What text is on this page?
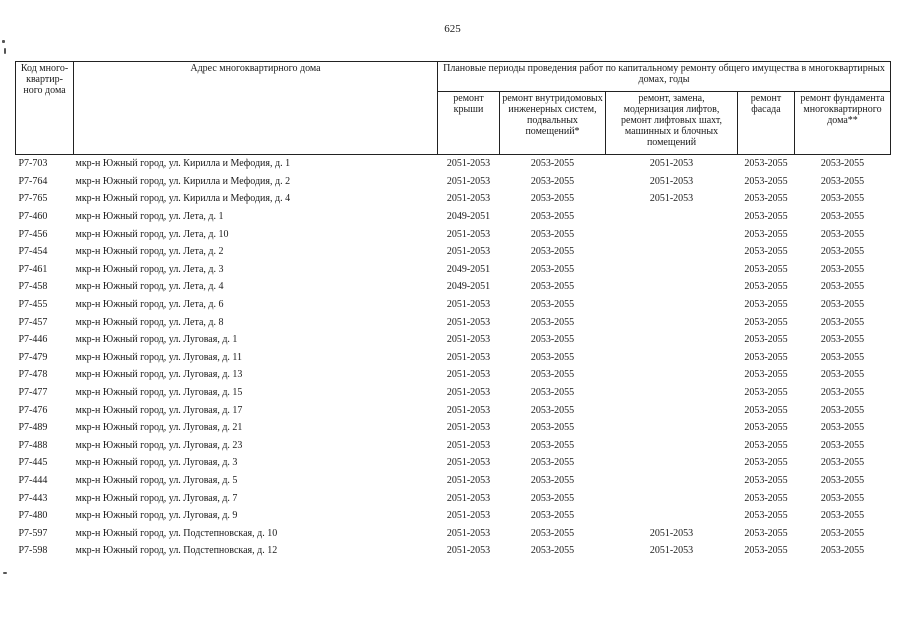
625
Код много-квартир-ного дома	Адрес многоквартирного дома	Плановые периоды проведения работ по капитальному ремонту общего имущества в многоквартирных домах, годы				
		ремонт крыши	ремонт внутридомовых инженерных систем, подвальных помещений*	ремонт, замена, модернизация лифтов, ремонт лифтовых шахт, машинных и блочных помещений	ремонт фасада	ремонт фундамента многоквартирного дома**
Р7-703	мкр-н Южный город, ул. Кирилла и Мефодия, д. 1	2051-2053	2053-2055	2051-2053	2053-2055	2053-2055
Р7-764	мкр-н Южный город, ул. Кирилла и Мефодия, д. 2	2051-2053	2053-2055	2051-2053	2053-2055	2053-2055
Р7-765	мкр-н Южный город, ул. Кирилла и Мефодия, д. 4	2051-2053	2053-2055	2051-2053	2053-2055	2053-2055
Р7-460	мкр-н Южный город, ул. Лета, д. 1	2049-2051	2053-2055		2053-2055	2053-2055
Р7-456	мкр-н Южный город, ул. Лета, д. 10	2051-2053	2053-2055		2053-2055	2053-2055
Р7-454	мкр-н Южный город, ул. Лета, д. 2	2051-2053	2053-2055		2053-2055	2053-2055
Р7-461	мкр-н Южный город, ул. Лета, д. 3	2049-2051	2053-2055		2053-2055	2053-2055
Р7-458	мкр-н Южный город, ул. Лета, д. 4	2049-2051	2053-2055		2053-2055	2053-2055
Р7-455	мкр-н Южный город, ул. Лета, д. 6	2051-2053	2053-2055		2053-2055	2053-2055
Р7-457	мкр-н Южный город, ул. Лета, д. 8	2051-2053	2053-2055		2053-2055	2053-2055
Р7-446	мкр-н Южный город, ул. Луговая, д. 1	2051-2053	2053-2055		2053-2055	2053-2055
Р7-479	мкр-н Южный город, ул. Луговая, д. 11	2051-2053	2053-2055		2053-2055	2053-2055
Р7-478	мкр-н Южный город, ул. Луговая, д. 13	2051-2053	2053-2055		2053-2055	2053-2055
Р7-477	мкр-н Южный город, ул. Луговая, д. 15	2051-2053	2053-2055		2053-2055	2053-2055
Р7-476	мкр-н Южный город, ул. Луговая, д. 17	2051-2053	2053-2055		2053-2055	2053-2055
Р7-489	мкр-н Южный город, ул. Луговая, д. 21	2051-2053	2053-2055		2053-2055	2053-2055
Р7-488	мкр-н Южный город, ул. Луговая, д. 23	2051-2053	2053-2055		2053-2055	2053-2055
Р7-445	мкр-н Южный город, ул. Луговая, д. 3	2051-2053	2053-2055		2053-2055	2053-2055
Р7-444	мкр-н Южный город, ул. Луговая, д. 5	2051-2053	2053-2055		2053-2055	2053-2055
Р7-443	мкр-н Южный город, ул. Луговая, д. 7	2051-2053	2053-2055		2053-2055	2053-2055
Р7-480	мкр-н Южный город, ул. Луговая, д. 9	2051-2053	2053-2055		2053-2055	2053-2055
Р7-597	мкр-н Южный город, ул. Подстепновская, д. 10	2051-2053	2053-2055	2051-2053	2053-2055	2053-2055
Р7-598	мкр-н Южный город, ул. Подстепновская, д. 12	2051-2053	2053-2055	2051-2053	2053-2055	2053-2055
